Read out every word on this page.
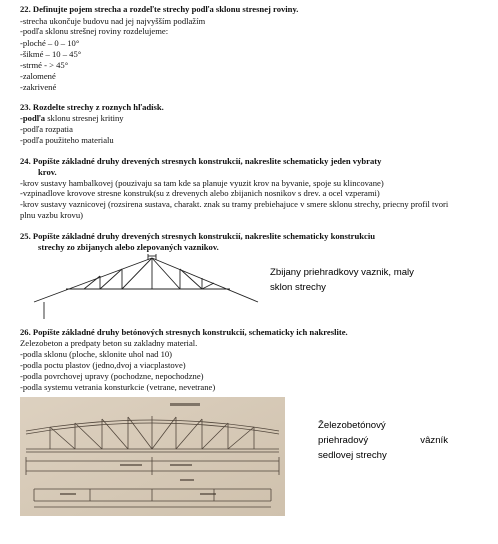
22. Definujte pojem strecha a rozdeľte strechy podľa sklonu stresnej roviny.
-strecha ukončuje budovu nad jej najvyšším podlažím
-podľa sklonu strešnej roviny rozdelujeme:
-ploché – 0 – 10°
-šikmé – 10 – 45°
-strmé - > 45°
-zalomené
-zakrivené
23. Rozdelte strechy z roznych hľadísk.
-podľa sklonu stresnej kritiny
-podľa rozpatia
-podľa použiteho materialu
24. Popíšte základné druhy drevených stresnych konstrukcií, nakreslite schematicky jeden vybraty
krov.
-krov sustavy hambalkovej (pouzivaju sa tam kde sa planuje vyuzit krov na byvanie, spoje su klincovane)
-vzpinadlove krovove stresne konstruk(su z drevenych alebo zbijanich nosnikov s drev. a ocel vzperami)
-krov sustavy vaznicovej (rozsirena sustava, charakt. znak su tramy prebiehajuce v smere sklonu strechy, priecny profil tvori
plnu vazbu krovu)
25. Popíšte základné druhy drevených stresnych konstrukcií, nakreslite schematicky konstrukciu
strechy zo zbijanych alebo zlepovaných vaznikov.
Zbijany priehradkovy vaznik, maly
sklon strechy
26. Popíšte základné druhy betónových stresnych konstrukcií, schematicky ich nakreslite.
Zelezobeton a predpaty beton su zakladny material.
-podla sklonu (ploche, sklonite uhol nad 10)
-podla poctu plastov (jedno,dvoj a viacplastove)
-podla povrchovej upravy (pochodzne, nepochodzne)
-podla systemu vetrania konsturkcie (vetrane, nevetrane)
Železobetónový
priehradový	vâzník
sedlovej strechy
